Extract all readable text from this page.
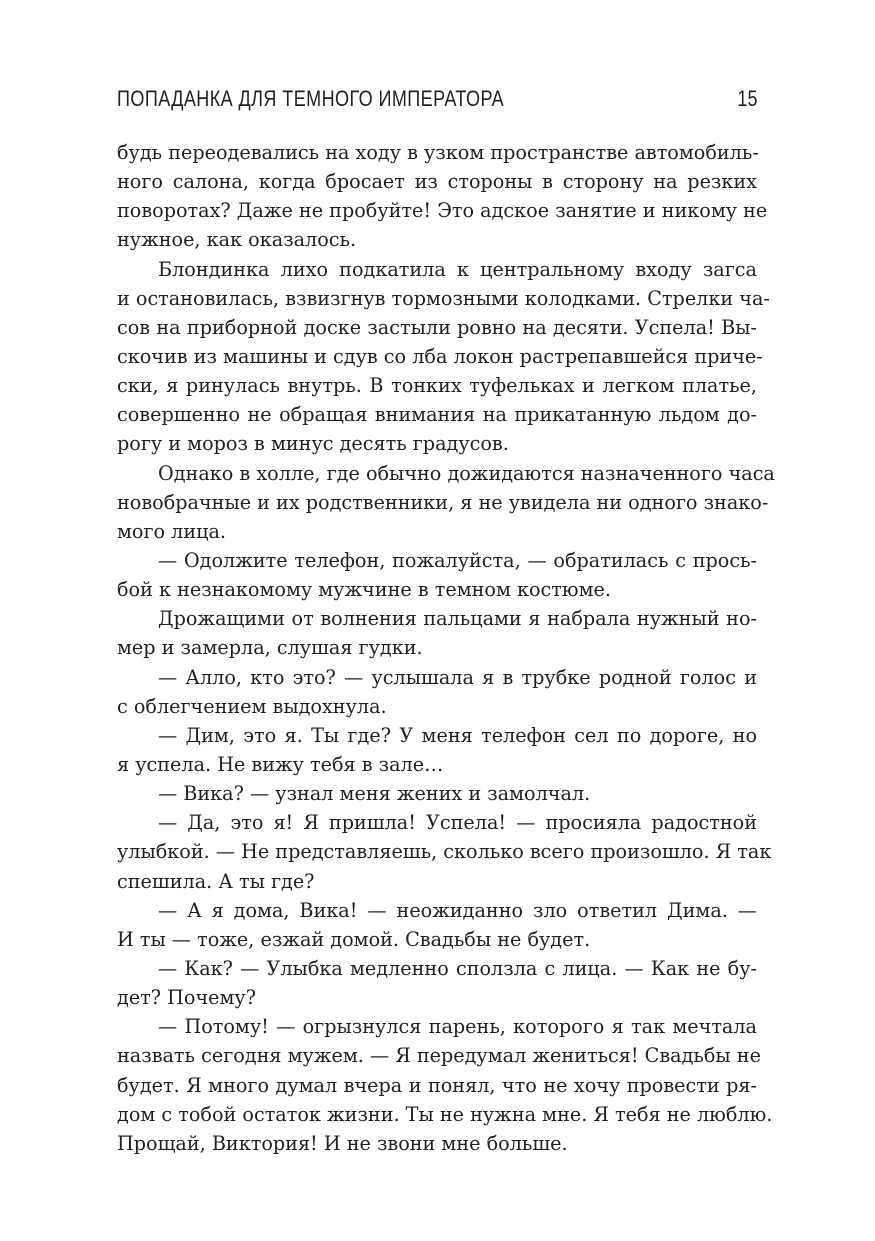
ПОПАДАНКА ДЛЯ ТЕМНОГО ИМПЕРАТОРА	15
будь переодевались на ходу в узком пространстве автомобиль-
ного салона, когда бросает из стороны в сторону на резких
поворотах? Даже не пробуйте! Это адское занятие и никому не
нужное, как оказалось.
Блондинка лихо подкатила к центральному входу загса
и остановилась, взвизгнув тормозными колодками. Стрелки ча-
сов на приборной доске застыли ровно на десяти. Успела! Вы-
скочив из машины и сдув со лба локон растрепавшейся приче-
ски, я ринулась внутрь. В тонких туфельках и легком платье,
совершенно не обращая внимания на прикатанную льдом до-
рогу и мороз в минус десять градусов.
Однако в холле, где обычно дожидаются назначенного часа
новобрачные и их родственники, я не увидела ни одного знако-
мого лица.
— Одолжите телефон, пожалуйста, — обратилась с прось-
бой к незнакомому мужчине в темном костюме.
Дрожащими от волнения пальцами я набрала нужный но-
мер и замерла, слушая гудки.
— Алло, кто это? — услышала я в трубке родной голос и
с облегчением выдохнула.
— Дим, это я. Ты где? У меня телефон сел по дороге, но
я успела. Не вижу тебя в зале…
— Вика? — узнал меня жених и замолчал.
— Да, это я! Я пришла! Успела! — просияла радостной
улыбкой. — Не представляешь, сколько всего произошло. Я так
спешила. А ты где?
— А я дома, Вика! — неожиданно зло ответил Дима. —
И ты — тоже, езжай домой. Свадьбы не будет.
— Как? — Улыбка медленно сползла с лица. — Как не бу-
дет? Почему?
— Потому! — огрызнулся парень, которого я так мечтала
назвать сегодня мужем. — Я передумал жениться! Свадьбы не
будет. Я много думал вчера и понял, что не хочу провести ря-
дом с тобой остаток жизни. Ты не нужна мне. Я тебя не люблю.
Прощай, Виктория! И не звони мне больше.
